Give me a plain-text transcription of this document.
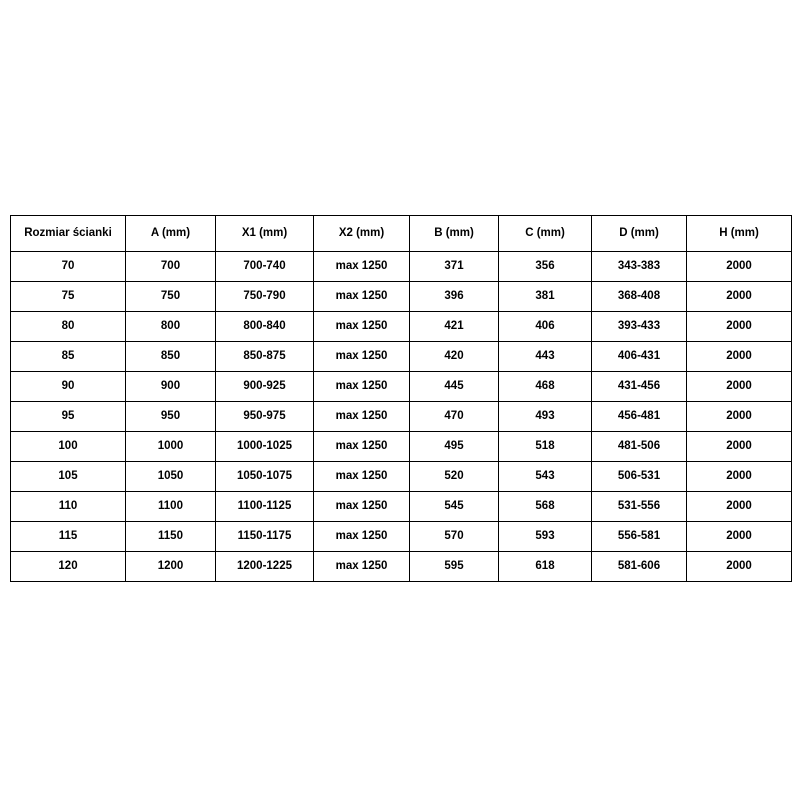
Rozmiar ścianki	A (mm)	X1 (mm)	X2 (mm)	B (mm)	C (mm)	D (mm)	H (mm)
70	700	700-740	max 1250	371	356	343-383	2000
75	750	750-790	max 1250	396	381	368-408	2000
80	800	800-840	max 1250	421	406	393-433	2000
85	850	850-875	max 1250	420	443	406-431	2000
90	900	900-925	max 1250	445	468	431-456	2000
95	950	950-975	max 1250	470	493	456-481	2000
100	1000	1000-1025	max 1250	495	518	481-506	2000
105	1050	1050-1075	max 1250	520	543	506-531	2000
110	1100	1100-1125	max 1250	545	568	531-556	2000
115	1150	1150-1175	max 1250	570	593	556-581	2000
120	1200	1200-1225	max 1250	595	618	581-606	2000
